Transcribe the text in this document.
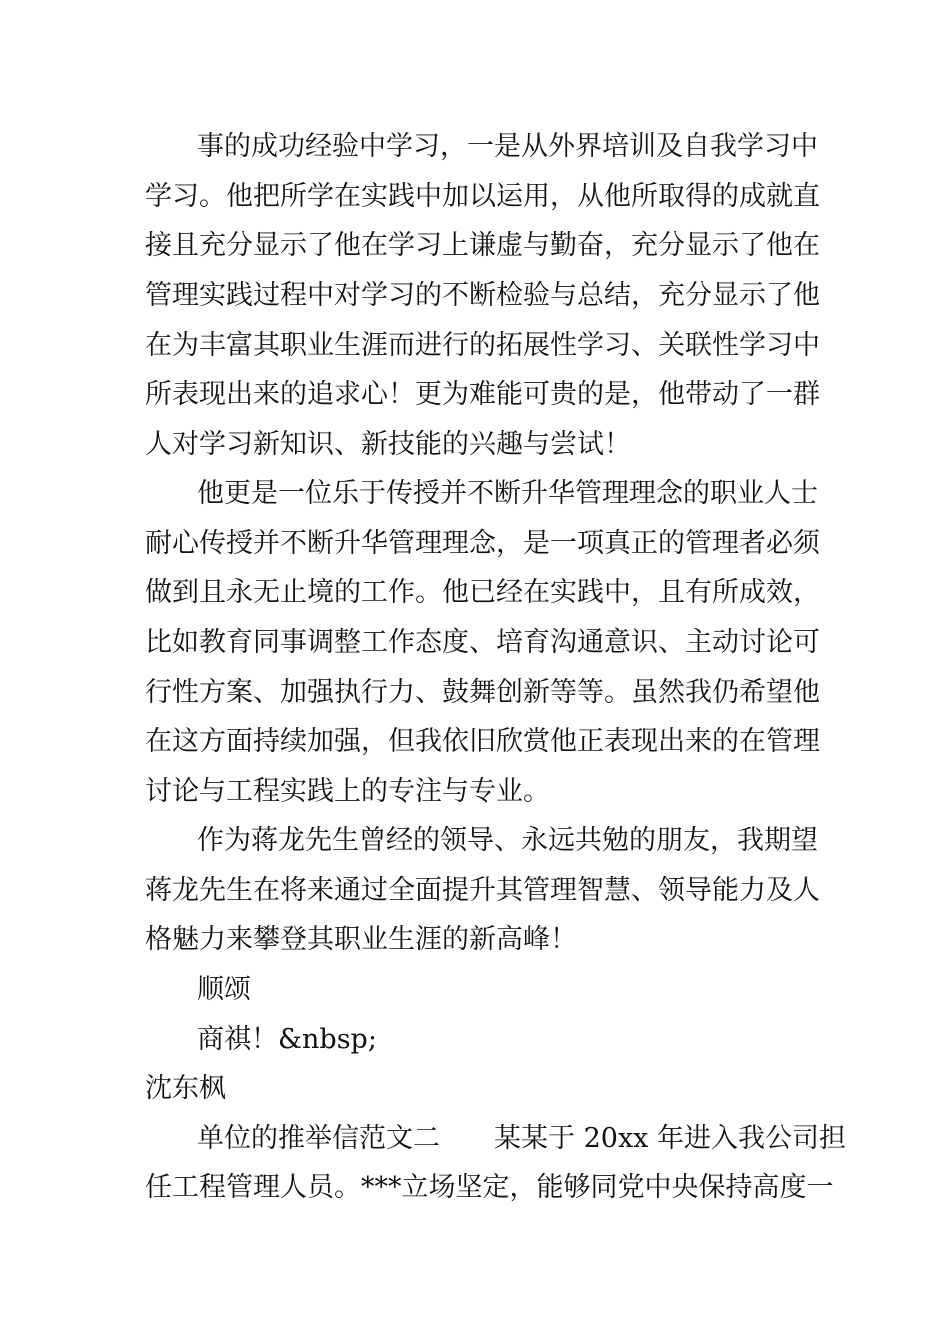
事的成功经验中学习，一是从外界培训及自我学习中
学习。他把所学在实践中加以运用，从他所取得的成就直
接且充分显示了他在学习上谦虚与勤奋，充分显示了他在
管理实践过程中对学习的不断检验与总结，充分显示了他
在为丰富其职业生涯而进行的拓展性学习、关联性学习中
所表现出来的追求心！更为难能可贵的是，他带动了一群
人对学习新知识、新技能的兴趣与尝试！
他更是一位乐于传授并不断升华管理理念的职业人士
耐心传授并不断升华管理理念，是一项真正的管理者必须
做到且永无止境的工作。他已经在实践中，且有所成效，
比如教育同事调整工作态度、培育沟通意识、主动讨论可
行性方案、加强执行力、鼓舞创新等等。虽然我仍希望他
在这方面持续加强，但我依旧欣赏他正表现出来的在管理
讨论与工程实践上的专注与专业。
作为蒋龙先生曾经的领导、永远共勉的朋友，我期望
蒋龙先生在将来通过全面提升其管理智慧、领导能力及人
格魅力来攀登其职业生涯的新高峰！
顺颂
商祺！&nbsp;
沈东枫
单位的推举信范文二　　某某于 20xx 年进入我公司担
任工程管理人员。***立场坚定，能够同党中央保持高度一
